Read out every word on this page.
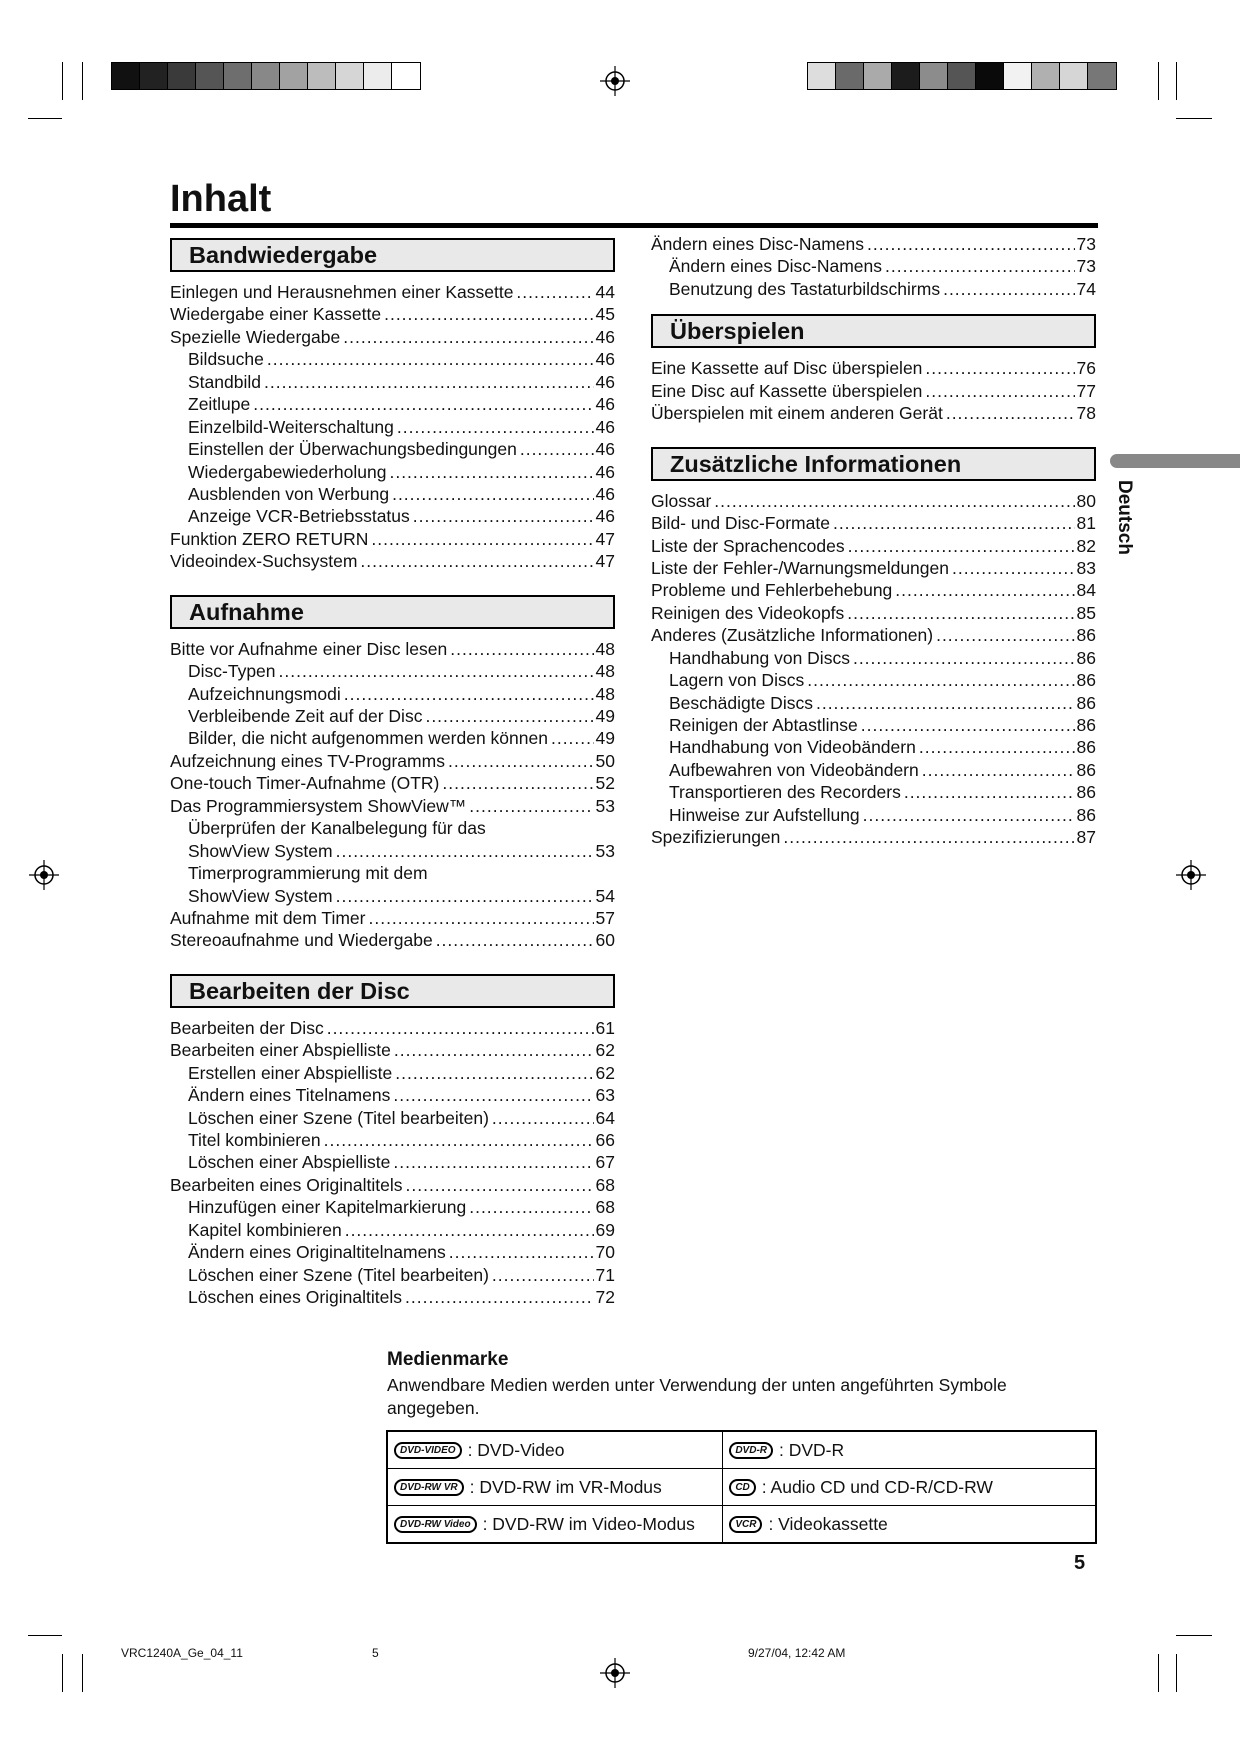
Inhalt
Bandwiedergabe
Einlegen und Herausnehmen einer Kassette .....	44
Wiedergabe einer Kassette .....	45
Spezielle Wiedergabe .....	46
Bildsuche .....	46
Standbild .....	46
Zeitlupe .....	46
Einzelbild-Weiterschaltung .....	46
Einstellen der Überwachungsbedingungen .....	46
Wiedergabewiederholung .....	46
Ausblenden von Werbung .....	46
Anzeige VCR-Betriebsstatus .....	46
Funktion ZERO RETURN .....	47
Videoindex-Suchsystem .....	47
Aufnahme
Bitte vor Aufnahme einer Disc lesen .....	48
Disc-Typen .....	48
Aufzeichnungsmodi .....	48
Verbleibende Zeit auf der Disc .....	49
Bilder, die nicht aufgenommen werden können .....	49
Aufzeichnung eines TV-Programms .....	50
One-touch Timer-Aufnahme (OTR) .....	52
Das Programmiersystem ShowView™ .....	53
Überprüfen der Kanalbelegung für das
ShowView System .....	53
Timerprogrammierung mit dem
ShowView System .....	54
Aufnahme mit dem Timer .....	57
Stereoaufnahme und Wiedergabe .....	60
Bearbeiten der Disc
Bearbeiten der Disc .....	61
Bearbeiten einer Abspielliste .....	62
Erstellen einer Abspielliste .....	62
Ändern eines Titelnamens .....	63
Löschen einer Szene (Titel bearbeiten) .....	64
Titel kombinieren .....	66
Löschen einer Abspielliste .....	67
Bearbeiten eines Originaltitels .....	68
Hinzufügen einer Kapitelmarkierung .....	68
Kapitel kombinieren .....	69
Ändern eines Originaltitelnamens .....	70
Löschen einer Szene (Titel bearbeiten) .....	71
Löschen eines Originaltitels .....	72
Ändern eines Disc-Namens .....	73
Ändern eines Disc-Namens .....	73
Benutzung des Tastaturbildschirms .....	74
Überspielen
Eine Kassette auf Disc überspielen .....	76
Eine Disc auf Kassette überspielen .....	77
Überspielen mit einem anderen Gerät .....	78
Zusätzliche Informationen
Glossar .....	80
Bild- und Disc-Formate .....	81
Liste der Sprachencodes .....	82
Liste der Fehler-/Warnungsmeldungen .....	83
Probleme und Fehlerbehebung .....	84
Reinigen des Videokopfs .....	85
Anderes (Zusätzliche Informationen) .....	86
Handhabung von Discs .....	86
Lagern von Discs .....	86
Beschädigte Discs .....	86
Reinigen der Abtastlinse .....	86
Handhabung von Videobändern .....	86
Aufbewahren von Videobändern .....	86
Transportieren des Recorders .....	86
Hinweise zur Aufstellung .....	86
Spezifizierungen .....	87
Deutsch
Medienmarke
Anwendbare Medien werden unter Verwendung der unten angeführten Symbole angegeben.
DVD-VIDEO : DVD-Video	DVD-R : DVD-R
DVD-RW VR : DVD-RW im VR-Modus	CD : Audio CD und CD-R/CD-RW
DVD-RW Video : DVD-RW im Video-Modus	VCR : Videokassette
5
VRC1240A_Ge_04_11	5	9/27/04, 12:42 AM
